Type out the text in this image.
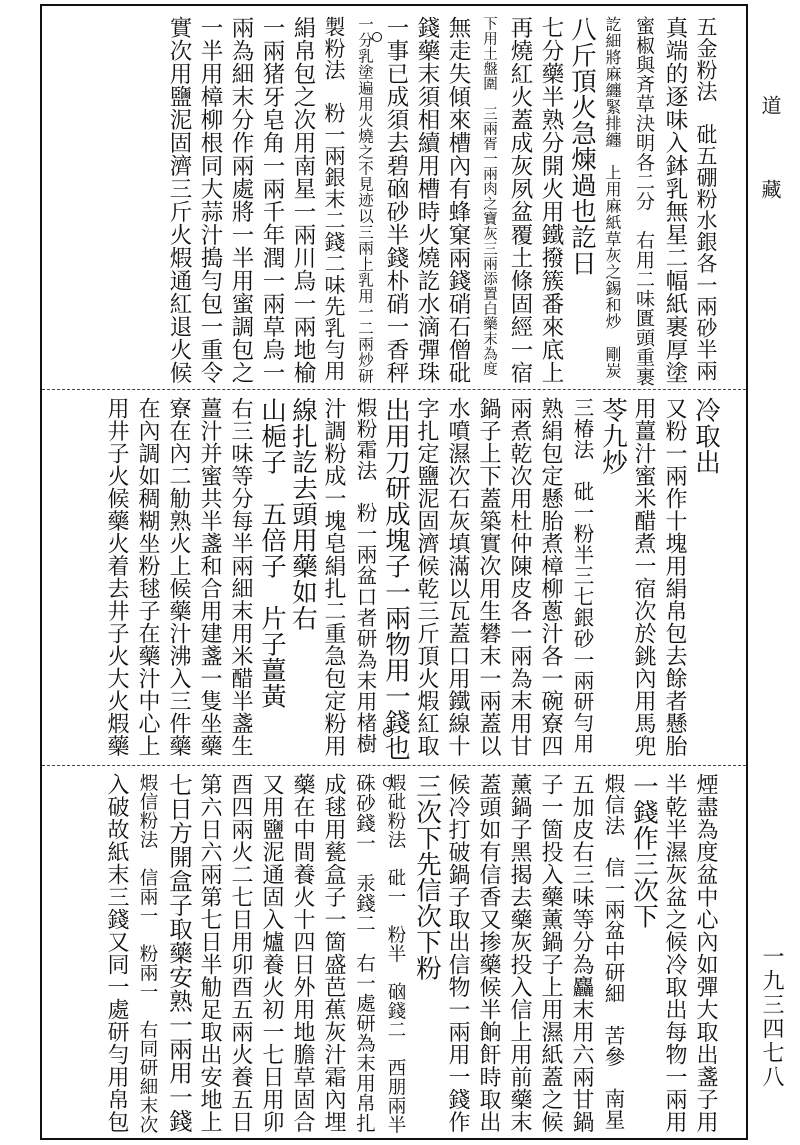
五金粉法　砒五硼粉水銀各一兩砂半兩
真端的逐味入鉢乳無星二幅紙裹厚塗
蜜椒與斉草決明各二分　右用二味匱頭重裹
訖細將麻纏緊排纏　上用麻紙草灰之錫和炒　剛炭
八斤頂火急煉過也訖日
七分藥半熟分開火用鐵撥簇番來底上
再燒紅火蓋成灰夙盆覆土條固經一宿
下用土盤圍　三兩胥一兩肉之寶灰三兩添置白藥末為度
無走失傾來槽內有蜂窠兩錢硝石僧砒
錢藥末須相續用槽時火燒訖水滴彈珠
一事已成須去碧硇砂半錢朴硝一香秤
一分乳塗遍用火燒之不見迹以三兩上乳用一二兩炒研
製粉法　粉一兩銀末二錢二味先乳勻用
絹帛包之次用南星一兩川烏一兩地榆
一兩猪牙皂角一兩千年潤一兩草烏一
兩為細末分作兩處將一半用蜜調包之
一半用樟柳根同大蒜汁搗勻包一重令
實次用鹽泥固濟三斤火煆通紅退火候
冷取出
又粉一兩作十塊用絹帛包去餘者懸胎
用薑汁蜜米醋煮一宿次於銚內用馬兜
苓九炒
三椿法　砒一粉半三七銀砂一兩研勻用
熟絹包定懸胎煮樟柳蔥汁各一碗寮四
兩煮乾次用杜仲陳皮各一兩為末用甘
鍋子上下蓋築實次用生礬末一兩蓋以
水噴濕次石灰填滿以瓦蓋口用鐵線十
字扎定鹽泥固濟候乾三斤頂火煆紅取
出用刀研成塊子一兩物用一錢也
煆粉霜法　粉一兩盆口者研為末用楮樹
汁調粉成一塊皂絹扎二重急包定粉用
線扎訖去頭用藥如右
山梔子　五倍子　片子薑黃
右三味等分每半兩細末用米醋半盞生
薑汁并蜜共半盞和合用建盞一隻坐藥
寮在內二觔熟火上候藥汁沸入三件藥
在內調如稠糊坐粉毬子在藥汁中心上
用井子火候藥火着去井子火大火煆藥
煙盡為度盆中心內如彈大取出盞子用
半乾半濕灰盆之候冷取出每物一兩用
一錢作三次下
煆信法　信一兩盆中研細　苦參　南星
五加皮右三味等分為麤末用六兩甘鍋
子一箇投入藥薰鍋子上用濕紙蓋之候
薰鍋子黑揭去藥灰投入信上用前藥末
蓋頭如有信香又掺藥候半餉飦時取出
候冷打破鍋子取出信物一兩用一錢作
三次下先信次下粉
煆砒粉法　砒一　粉半　硇錢二　西朋兩半
硃砂錢一　汞錢二　右一處研為末用帛扎
成毬用甆盒子一箇盛芭蕉灰汁霜內埋
藥在中間養火十四日外用地膽草固合
又用鹽泥通固入爐養火初一七日用卯
酉四兩火二七日用卯酉五兩火養五日
第六日六兩第七日半觔足取出安地上
七日方開盒子取藥安熟一兩用一錢
煆信粉法　信兩一　粉兩一　右同研細末次
入破故紙末三錢又同一處研勻用帛包
道　　藏
一九三四七八
